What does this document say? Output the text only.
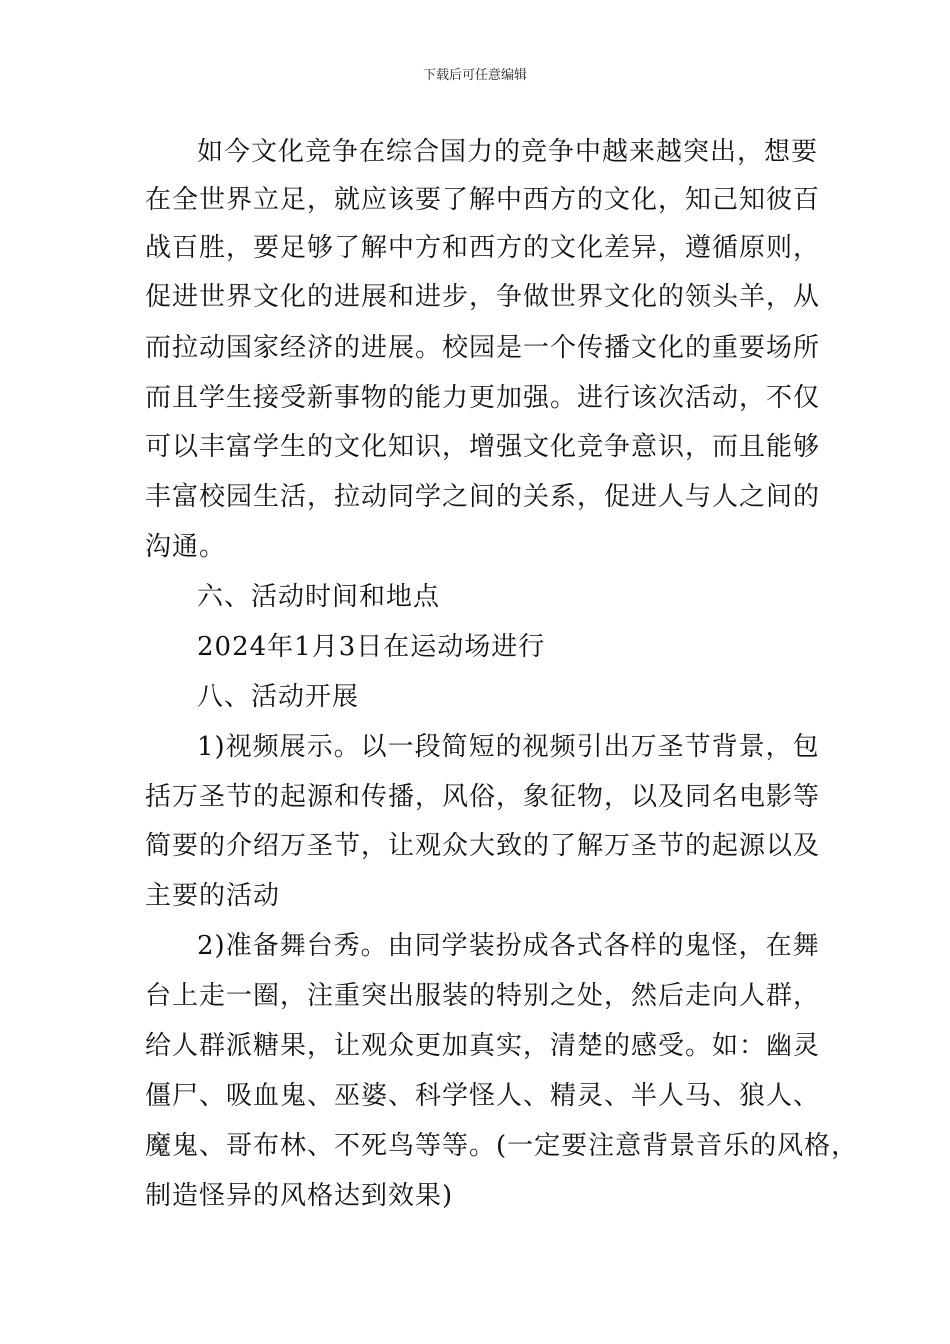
下载后可任意编辑
如今文化竞争在综合国力的竞争中越来越突出，想要
在全世界立足，就应该要了解中西方的文化，知己知彼百
战百胜，要足够了解中方和西方的文化差异，遵循原则，
促进世界文化的进展和进步，争做世界文化的领头羊，从
而拉动国家经济的进展。校园是一个传播文化的重要场所
而且学生接受新事物的能力更加强。进行该次活动，不仅
可以丰富学生的文化知识，增强文化竞争意识，而且能够
丰富校园生活，拉动同学之间的关系，促进人与人之间的
沟通。
六、活动时间和地点
2024年1月3日在运动场进行
八、活动开展
1)视频展示。以一段简短的视频引出万圣节背景，包
括万圣节的起源和传播，风俗，象征物，以及同名电影等
简要的介绍万圣节，让观众大致的了解万圣节的起源以及
主要的活动
2)准备舞台秀。由同学装扮成各式各样的鬼怪，在舞
台上走一圈，注重突出服装的特别之处，然后走向人群，
给人群派糖果，让观众更加真实，清楚的感受。如：幽灵
僵尸、吸血鬼、巫婆、科学怪人、精灵、半人马、狼人、
魔鬼、哥布林、不死鸟等等。(一定要注意背景音乐的风格，
制造怪异的风格达到效果)
